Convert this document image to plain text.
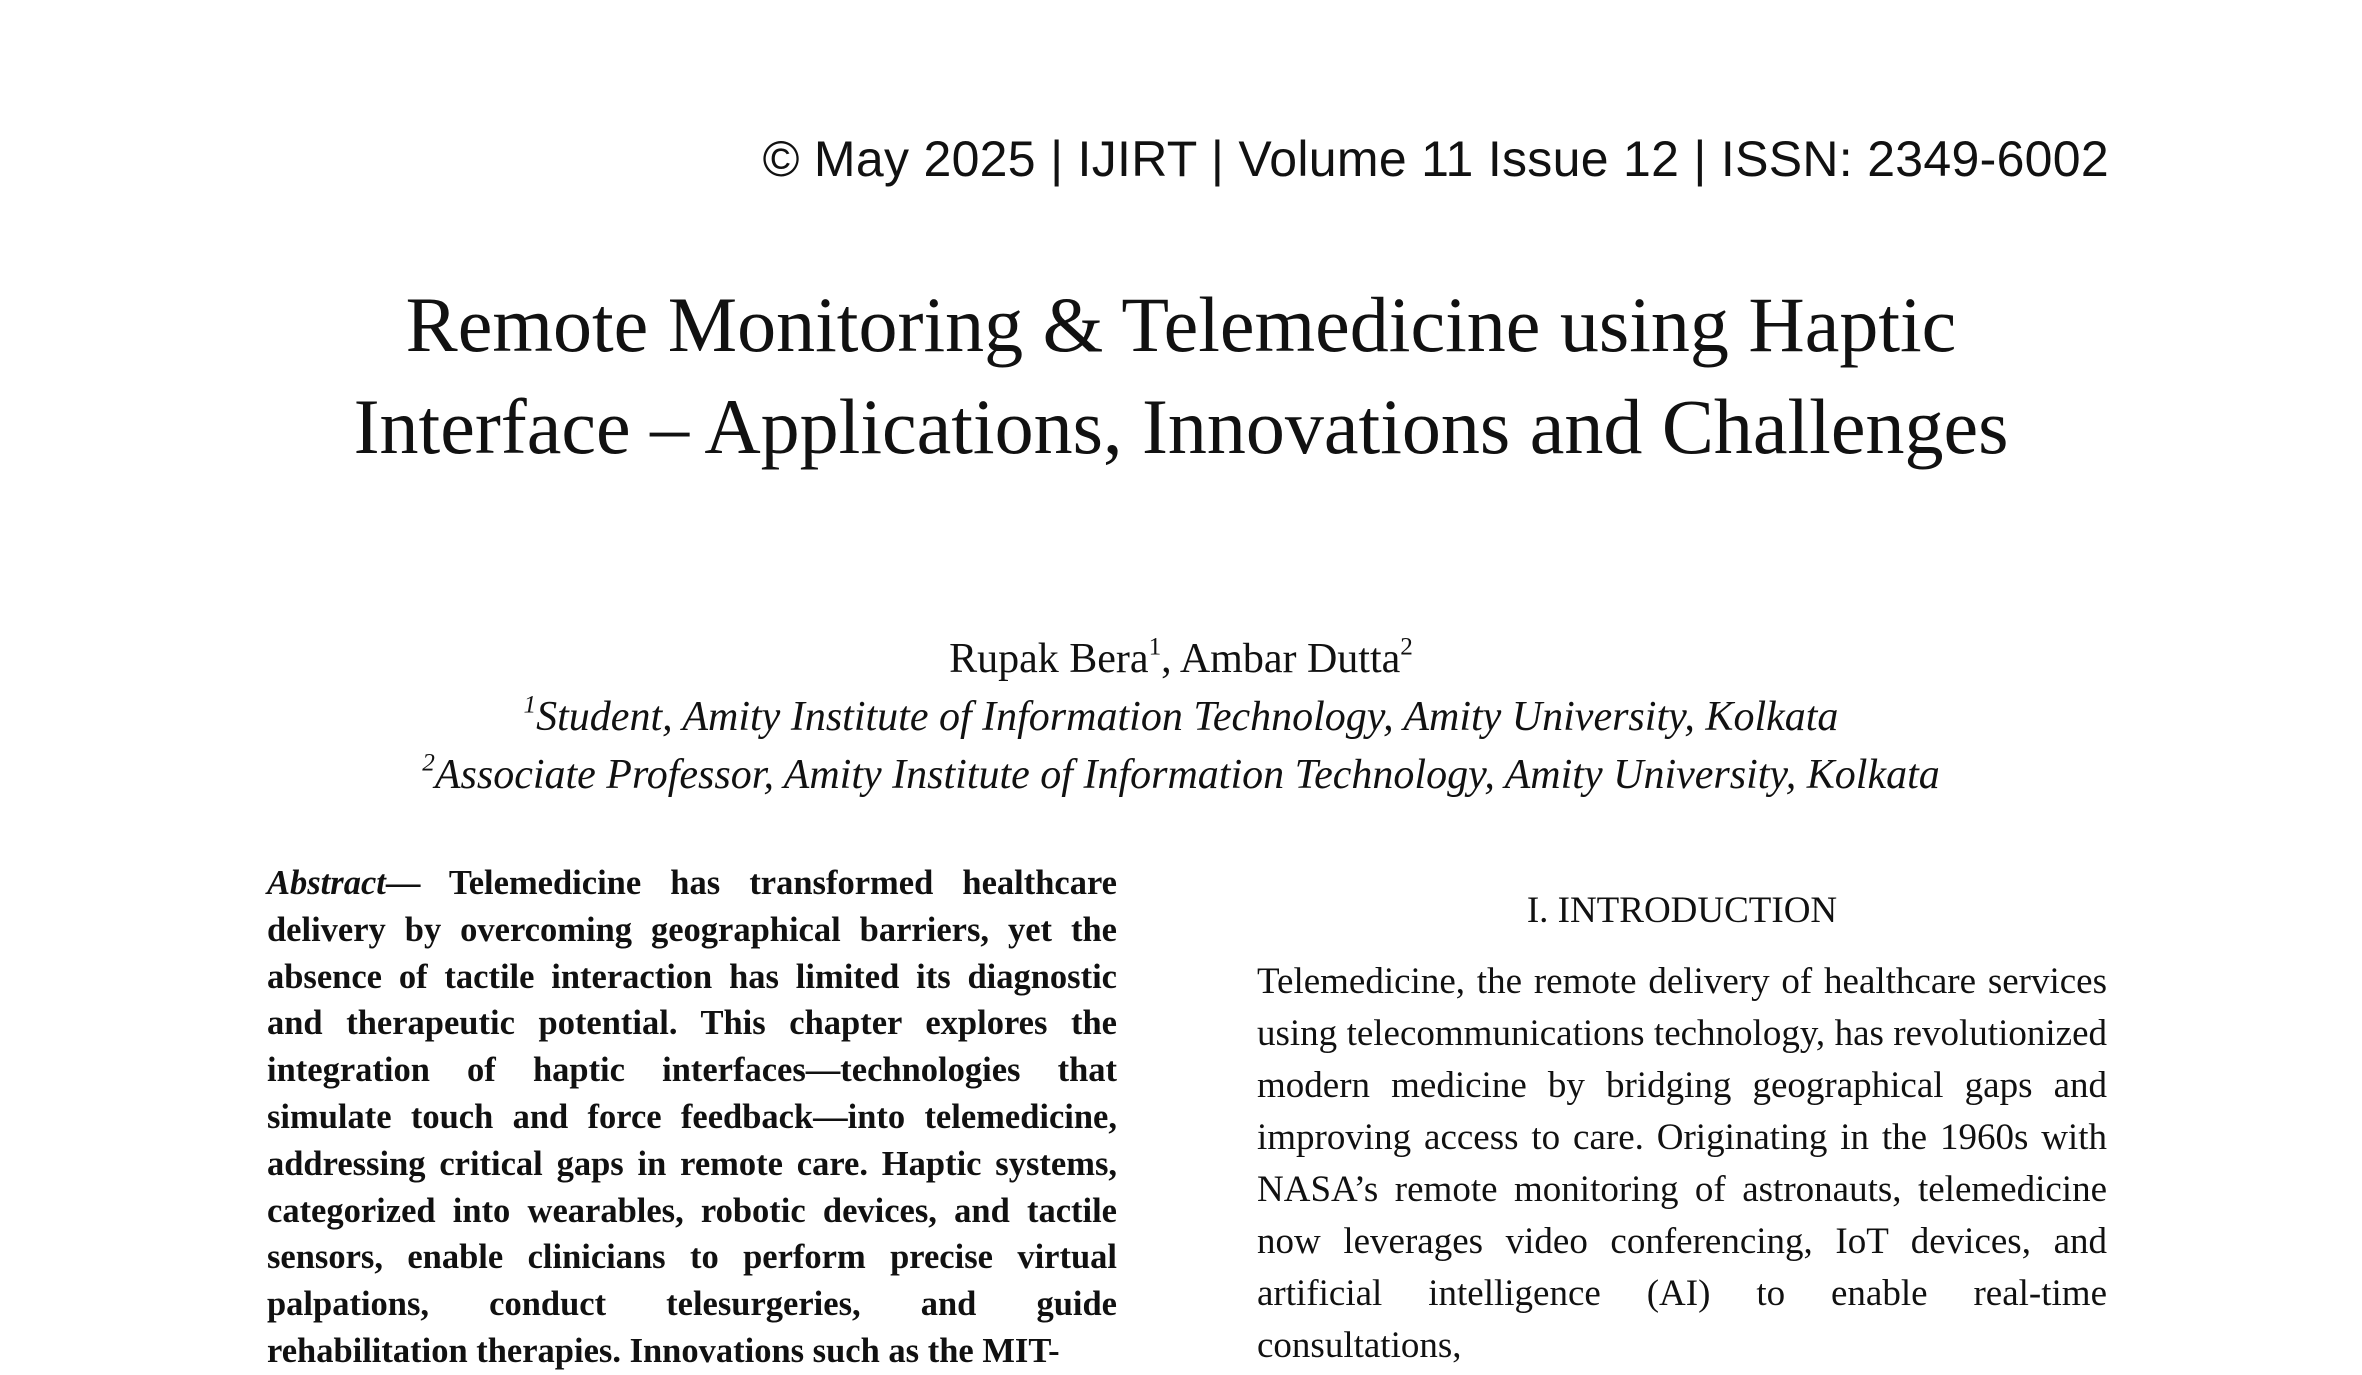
© May 2025 | IJIRT | Volume 11 Issue 12 | ISSN: 2349-6002
Remote Monitoring & Telemedicine using Haptic
Interface – Applications, Innovations and Challenges
Rupak Bera$^1$, Ambar Dutta$^2$
$^1$Student, Amity Institute of Information Technology, Amity University, Kolkata
$^2$Associate Professor, Amity Institute of Information Technology, Amity University, Kolkata
Abstract— Telemedicine has transformed healthcare delivery by overcoming geographical barriers, yet the absence of tactile interaction has limited its diagnostic and therapeutic potential. This chapter explores the integration of haptic interfaces—technologies that simulate touch and force feedback—into telemedicine, addressing critical gaps in remote care. Haptic systems, categorized into wearables, robotic devices, and tactile sensors, enable clinicians to perform precise virtual palpations, conduct telesurgeries, and guide rehabilitation therapies. Innovations such as the MIT-
I. INTRODUCTION
Telemedicine, the remote delivery of healthcare services using telecommunications technology, has revolutionized modern medicine by bridging geographical gaps and improving access to care. Originating in the 1960s with NASA’s remote monitoring of astronauts, telemedicine now leverages video conferencing, IoT devices, and artificial intelligence (AI) to enable real-time consultations,
